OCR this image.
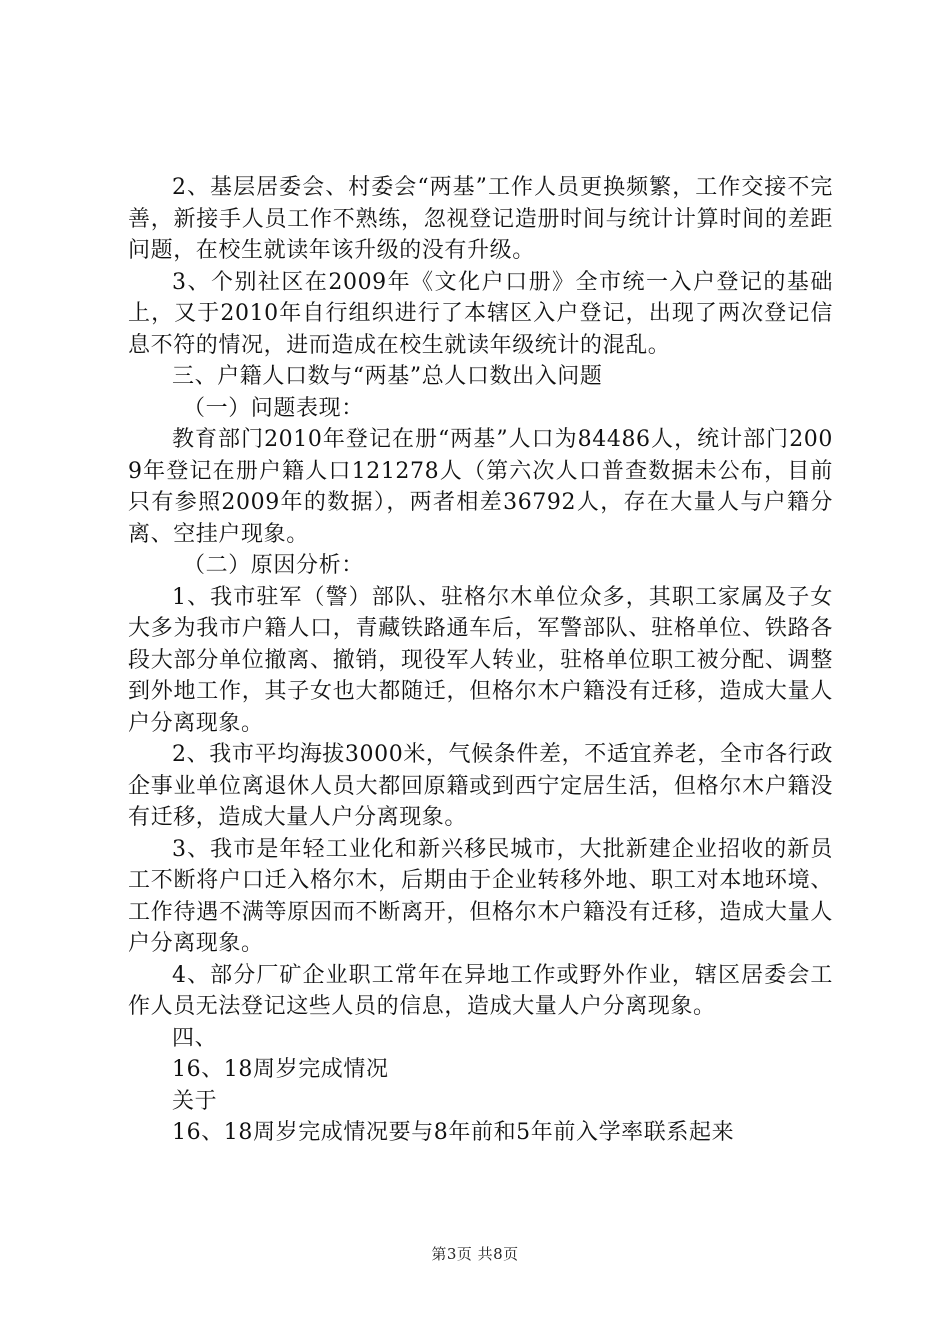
2、基层居委会、村委会“两基”工作人员更换频繁，工作交接不完善，新接手人员工作不熟练，忽视登记造册时间与统计计算时间的差距问题，在校生就读年该升级的没有升级。

3、个别社区在2009年《文化户口册》全市统一入户登记的基础上，又于2010年自行组织进行了本辖区入户登记，出现了两次登记信息不符的情况，进而造成在校生就读年级统计的混乱。

三、户籍人口数与“两基”总人口数出入问题

（一）问题表现：

教育部门2010年登记在册“两基”人口为84486人，统计部门2009年登记在册户籍人口121278人（第六次人口普查数据未公布，目前只有参照2009年的数据），两者相差36792人，存在大量人与户籍分离、空挂户现象。

（二）原因分析：

1、我市驻军（警）部队、驻格尔木单位众多，其职工家属及子女大多为我市户籍人口，青藏铁路通车后，军警部队、驻格单位、铁路各段大部分单位撤离、撤销，现役军人转业，驻格单位职工被分配、调整到外地工作，其子女也大都随迁，但格尔木户籍没有迁移，造成大量人户分离现象。

2、我市平均海拔3000米，气候条件差，不适宜养老，全市各行政企事业单位离退休人员大都回原籍或到西宁定居生活，但格尔木户籍没有迁移，造成大量人户分离现象。

3、我市是年轻工业化和新兴移民城市，大批新建企业招收的新员工不断将户口迁入格尔木，后期由于企业转移外地、职工对本地环境、工作待遇不满等原因而不断离开，但格尔木户籍没有迁移，造成大量人户分离现象。

4、部分厂矿企业职工常年在异地工作或野外作业，辖区居委会工作人员无法登记这些人员的信息，造成大量人户分离现象。

四、

16、18周岁完成情况

关于

16、18周岁完成情况要与8年前和5年前入学率联系起来

第3页 共8页
